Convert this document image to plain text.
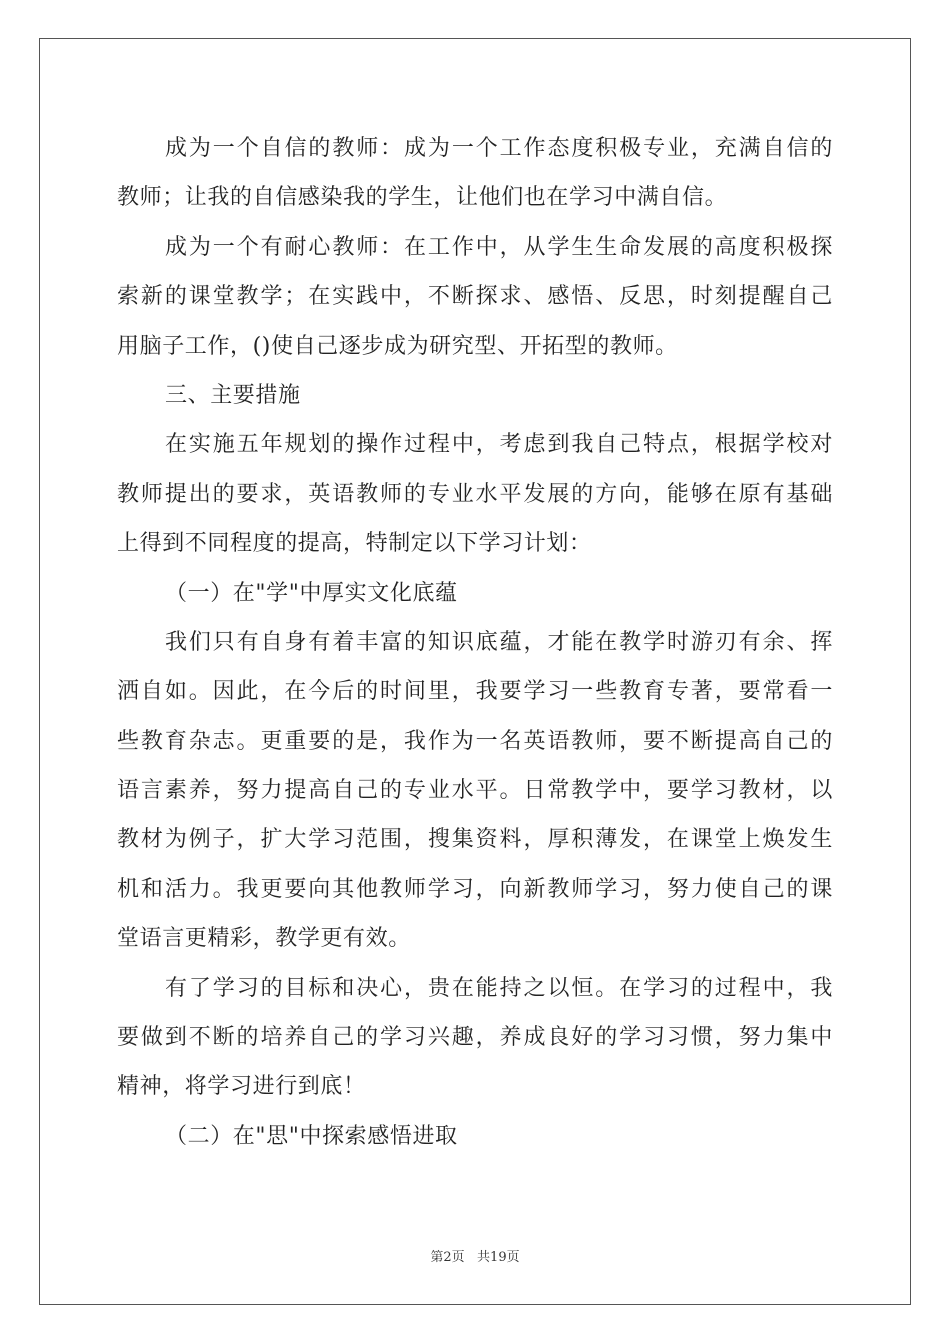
成为一个自信的教师：成为一个工作态度积极专业，充满自信的
教师；让我的自信感染我的学生，让他们也在学习中满自信。
成为一个有耐心教师：在工作中，从学生生命发展的高度积极探
索新的课堂教学；在实践中，不断探求、感悟、反思，时刻提醒自己
用脑子工作，()使自己逐步成为研究型、开拓型的教师。
三、主要措施
在实施五年规划的操作过程中，考虑到我自己特点，根据学校对
教师提出的要求，英语教师的专业水平发展的方向，能够在原有基础
上得到不同程度的提高，特制定以下学习计划：
（一）在"学"中厚实文化底蕴
我们只有自身有着丰富的知识底蕴，才能在教学时游刃有余、挥
洒自如。因此，在今后的时间里，我要学习一些教育专著，要常看一
些教育杂志。更重要的是，我作为一名英语教师，要不断提高自己的
语言素养，努力提高自己的专业水平。日常教学中，要学习教材，以
教材为例子，扩大学习范围，搜集资料，厚积薄发，在课堂上焕发生
机和活力。我更要向其他教师学习，向新教师学习，努力使自己的课
堂语言更精彩，教学更有效。
有了学习的目标和决心，贵在能持之以恒。在学习的过程中，我
要做到不断的培养自己的学习兴趣，养成良好的学习习惯，努力集中
精神，将学习进行到底！
（二）在"思"中探索感悟进取
第2页   共19页
